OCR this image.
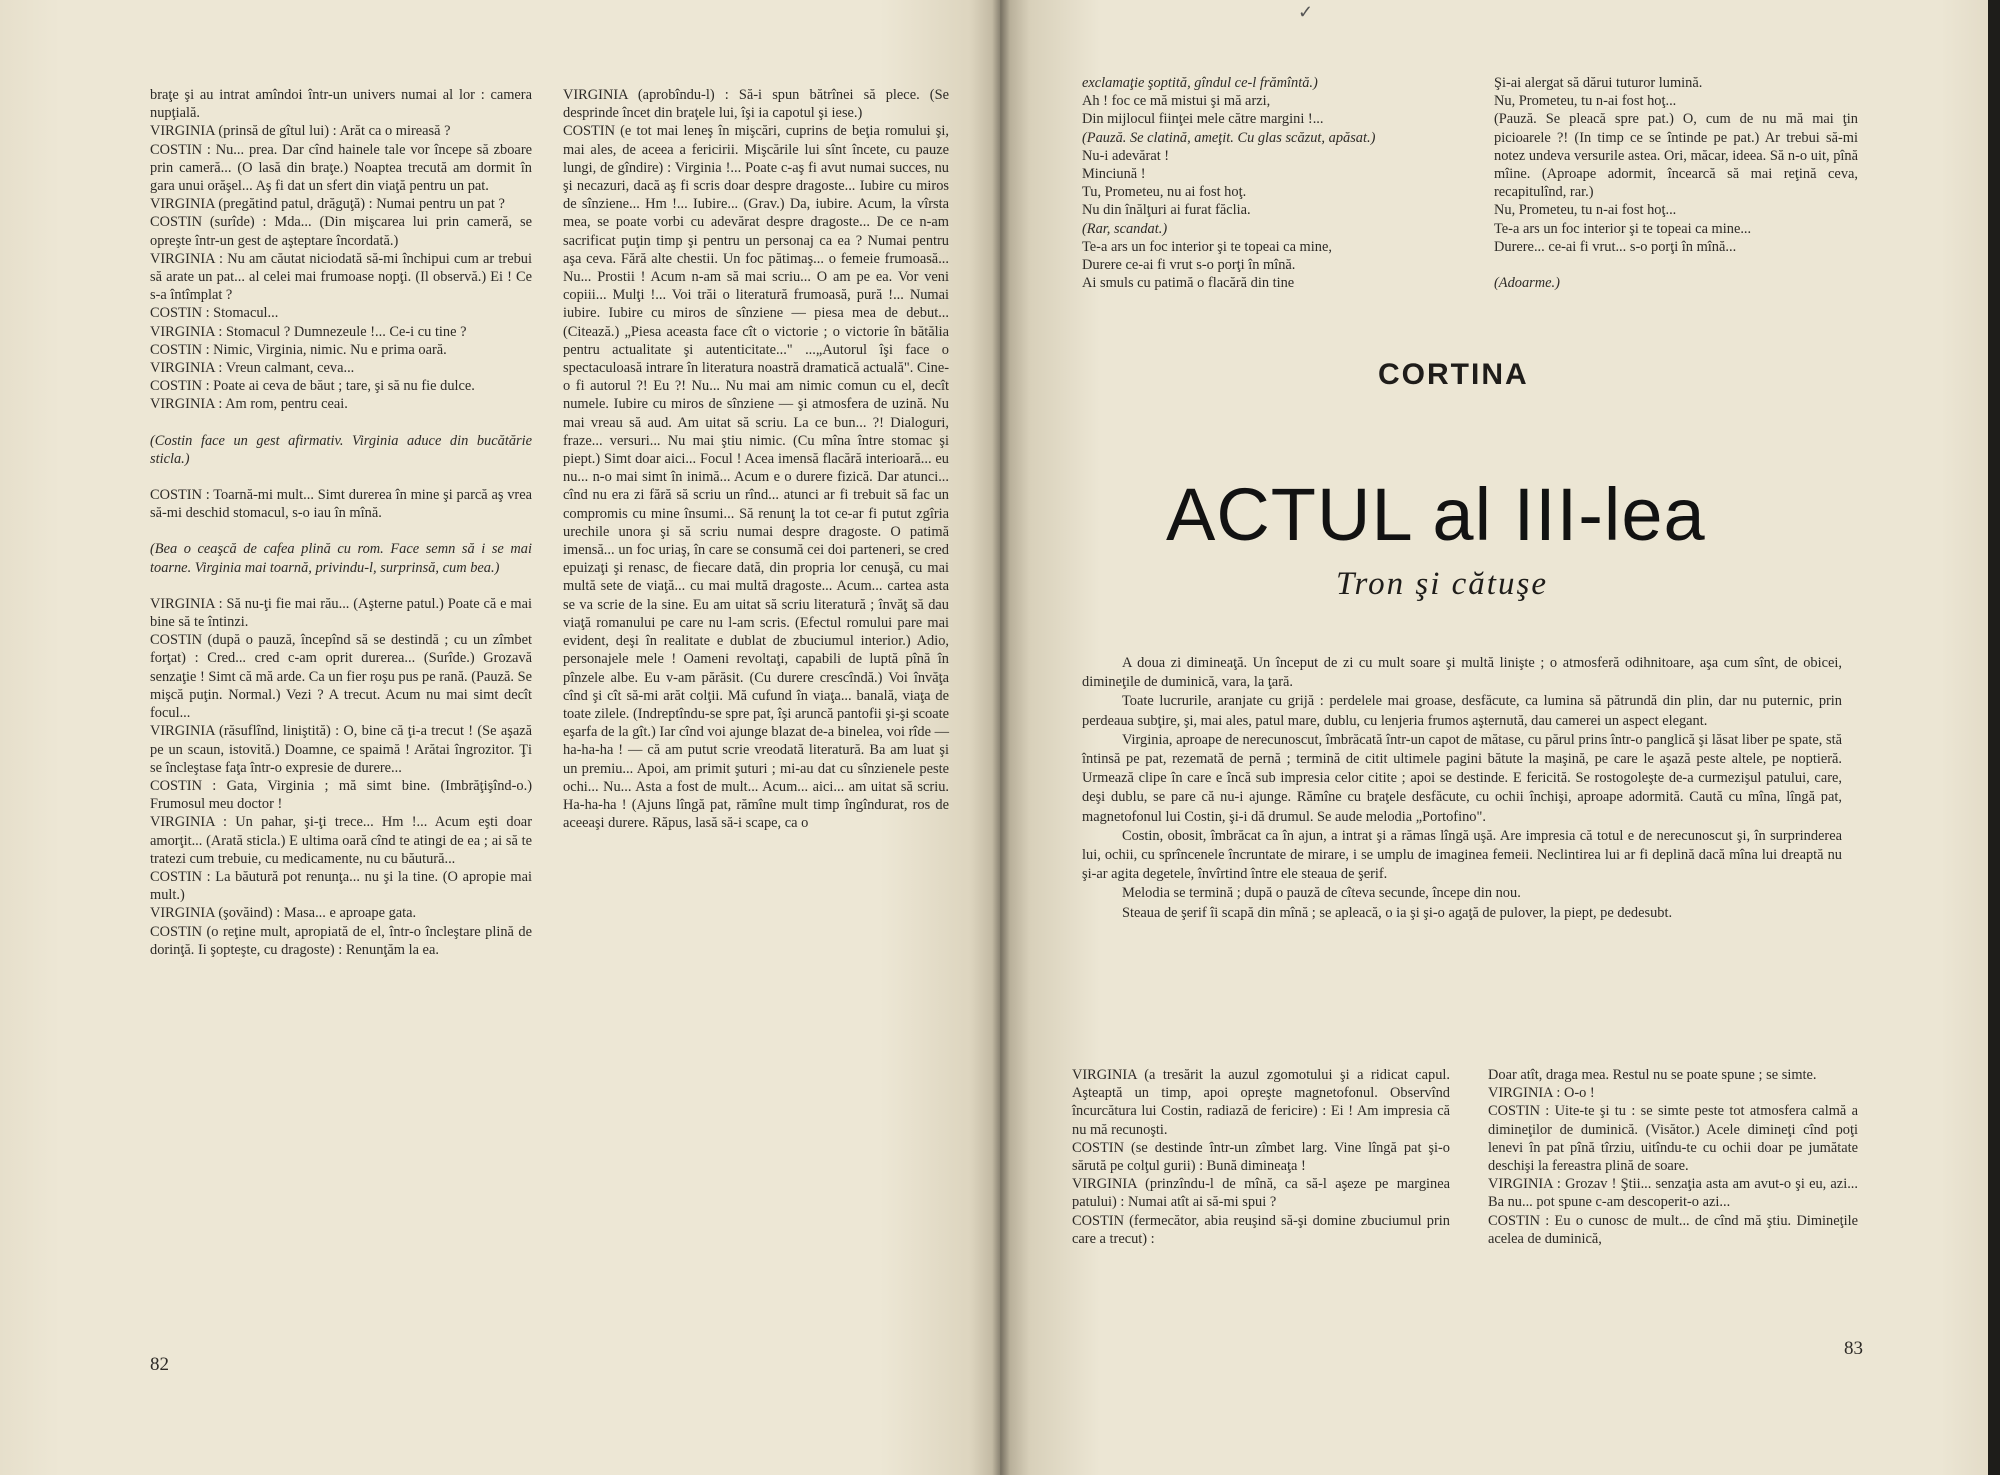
braţe şi au intrat amîndoi într-un univers numai al lor : camera nupţială.

VIRGINIA (prinsă de gîtul lui) : Arăt ca o mireasă ?

COSTIN : Nu... prea. Dar cînd hainele tale vor începe să zboare prin cameră... (O lasă din braţe.) Noaptea trecută am dormit în gara unui orăşel... Aş fi dat un sfert din viaţă pentru un pat.

VIRGINIA (pregătind patul, drăguţă) : Numai pentru un pat ?

COSTIN (surîde) : Mda... (Din mişcarea lui prin cameră, se opreşte într-un gest de aşteptare încordată.)

VIRGINIA : Nu am căutat niciodată să-mi închipui cum ar trebui să arate un pat... al celei mai frumoase nopţi. (Il observă.) Ei ! Ce s-a întîmplat ?

COSTIN : Stomacul...

VIRGINIA : Stomacul ? Dumnezeule !... Ce-i cu tine ?

COSTIN : Nimic, Virginia, nimic. Nu e prima oară.

VIRGINIA : Vreun calmant, ceva...

COSTIN : Poate ai ceva de băut ; tare, şi să nu fie dulce.

VIRGINIA : Am rom, pentru ceai.

(Costin face un gest afirmativ. Virginia aduce din bucătărie sticla.)

COSTIN : Toarnă-mi mult... Simt durerea în mine şi parcă aş vrea să-mi deschid stomacul, s-o iau în mînă.

(Bea o ceaşcă de cafea plină cu rom. Face semn să i se mai toarne. Virginia mai toarnă, privindu-l, surprinsă, cum bea.)

VIRGINIA : Să nu-ţi fie mai rău... (Aşterne patul.) Poate că e mai bine să te întinzi.

COSTIN (după o pauză, începînd să se destindă ; cu un zîmbet forţat) : Cred... cred c-am oprit durerea... (Surîde.) Grozavă senzaţie ! Simt că mă arde. Ca un fier roşu pus pe rană. (Pauză. Se mişcă puţin. Normal.) Vezi ? A trecut. Acum nu mai simt decît focul...

VIRGINIA (răsuflînd, liniştită) : O, bine că ţi-a trecut ! (Se aşază pe un scaun, istovită.) Doamne, ce spaimă ! Arătai îngrozitor. Ţi se încleştase faţa într-o expresie de durere...

COSTIN : Gata, Virginia ; mă simt bine. (Imbrăţişînd-o.) Frumosul meu doctor !

VIRGINIA : Un pahar, şi-ţi trece... Hm !... Acum eşti doar amorţit... (Arată sticla.) E ultima oară cînd te atingi de ea ; ai să te tratezi cum trebuie, cu medicamente, nu cu băutură...

COSTIN : La băutură pot renunţa... nu şi la tine. (O apropie mai mult.)

VIRGINIA (şovăind) : Masa... e aproape gata.

COSTIN (o reţine mult, apropiată de el, într-o încleştare plină de dorinţă. Ii şopteşte, cu dragoste) : Renunţăm la ea.

VIRGINIA (aprobîndu-l) : Să-i spun bătrînei să plece. (Se desprinde încet din braţele lui, îşi ia capotul şi iese.)

COSTIN (e tot mai leneş în mişcări, cuprins de beţia romului şi, mai ales, de aceea a fericirii. Mişcările lui sînt încete, cu pauze lungi, de gîndire) : Virginia !... Poate c-aş fi avut numai succes, nu şi necazuri, dacă aş fi scris doar despre dragoste... Iubire cu miros de sînziene... Hm !... Iubire... (Grav.) Da, iubire. Acum, la vîrsta mea, se poate vorbi cu adevărat despre dragoste... De ce n-am sacrificat puţin timp şi pentru un personaj ca ea ? Numai pentru aşa ceva. Fără alte chestii. Un foc pătimaş... o femeie frumoasă... Nu... Prostii ! Acum n-am să mai scriu... O am pe ea. Vor veni copiii... Mulţi !... Voi trăi o literatură frumoasă, pură !... Numai iubire. Iubire cu miros de sînziene — piesa mea de debut... (Citează.) „Piesa aceasta face cît o victorie ; o victorie în bătălia pentru actualitate şi autenticitate..." ...„Autorul îşi face o spectaculoasă intrare în literatura noastră dramatică actuală". Cine-o fi autorul ?! Eu ?! Nu... Nu mai am nimic comun cu el, decît numele. Iubire cu miros de sînziene — şi atmosfera de uzină. Nu mai vreau să aud. Am uitat să scriu. La ce bun... ?! Dialoguri, fraze... versuri... Nu mai ştiu nimic. (Cu mîna între stomac şi piept.) Simt doar aici... Focul ! Acea imensă flacără interioară... eu nu... n-o mai simt în inimă... Acum e o durere fizică. Dar atunci... cînd nu era zi fără să scriu un rînd... atunci ar fi trebuit să fac un compromis cu mine însumi... Să renunţ la tot ce-ar fi putut zgîria urechile unora şi să scriu numai despre dragoste. O patimă imensă... un foc uriaş, în care se consumă cei doi parteneri, se cred epuizaţi şi renasc, de fiecare dată, din propria lor cenuşă, cu mai multă sete de viaţă... cu mai multă dragoste... Acum... cartea asta se va scrie de la sine. Eu am uitat să scriu literatură ; învăţ să dau viaţă romanului pe care nu l-am scris. (Efectul romului pare mai evident, deşi în realitate e dublat de zbuciumul interior.) Adio, personajele mele ! Oameni revoltaţi, capabili de luptă pînă în pînzele albe. Eu v-am părăsit. (Cu durere crescîndă.) Voi învăţa cînd şi cît să-mi arăt colţii. Mă cufund în viaţa... banală, viaţa de toate zilele. (Indreptîndu-se spre pat, îşi aruncă pantofii şi-şi scoate eşarfa de la gît.) Iar cînd voi ajunge blazat de-a binelea, voi rîde — ha-ha-ha ! — că am putut scrie vreodată literatură. Ba am luat şi un premiu... Apoi, am primit şuturi ; mi-au dat cu sînzienele peste ochi... Nu... Asta a fost de mult... Acum... aici... am uitat să scriu. Ha-ha-ha ! (Ajuns lîngă pat, rămîne mult timp îngîndurat, ros de aceeaşi durere. Răpus, lasă să-i scape, ca o

82
✓

exclamaţie şoptită, gîndul ce-l frămîntă.)

Ah ! foc ce mă mistui şi mă arzi,

Din mijlocul fiinţei mele către margini !...

(Pauză. Se clatină, ameţit. Cu glas scăzut, apăsat.)

Nu-i adevărat !

Minciună !

Tu, Prometeu, nu ai fost hoţ.

Nu din înălţuri ai furat făclia.

(Rar, scandat.)

Te-a ars un foc interior şi te topeai ca mine,

Durere ce-ai fi vrut s-o porţi în mînă.

Ai smuls cu patimă o flacără din tine

Şi-ai alergat să dărui tuturor lumină.

Nu, Prometeu, tu n-ai fost hoţ...

(Pauză. Se pleacă spre pat.) O, cum de nu mă mai ţin picioarele ?! (In timp ce se întinde pe pat.) Ar trebui să-mi notez undeva versurile astea. Ori, măcar, ideea. Să n-o uit, pînă mîine. (Aproape adormit, încearcă să mai reţină ceva, recapitulînd, rar.)

Nu, Prometeu, tu n-ai fost hoţ...

Te-a ars un foc interior şi te topeai ca mine...

Durere... ce-ai fi vrut... s-o porţi în mînă...

(Adoarme.)

CORTINA
ACTUL al III-lea
Tron şi cătuşe

A doua zi dimineaţă. Un început de zi cu mult soare şi multă linişte ; o atmosferă odihnitoare, aşa cum sînt, de obicei, dimineţile de duminică, vara, la ţară.

Toate lucrurile, aranjate cu grijă : perdelele mai groase, desfăcute, ca lumina să pătrundă din plin, dar nu puternic, prin perdeaua subţire, şi, mai ales, patul mare, dublu, cu lenjeria frumos aşternută, dau camerei un aspect elegant.

Virginia, aproape de nerecunoscut, îmbrăcată într-un capot de mătase, cu părul prins într-o panglică şi lăsat liber pe spate, stă întinsă pe pat, rezemată de pernă ; termină de citit ultimele pagini bătute la maşină, pe care le aşază peste altele, pe noptieră. Urmează clipe în care e încă sub impresia celor citite ; apoi se destinde. E fericită. Se rostogoleşte de-a curmezişul patului, care, deşi dublu, se pare că nu-i ajunge. Rămîne cu braţele desfăcute, cu ochii închişi, aproape adormită. Caută cu mîna, lîngă pat, magnetofonul lui Costin, şi-i dă drumul. Se aude melodia „Portofino".

Costin, obosit, îmbrăcat ca în ajun, a intrat şi a rămas lîngă uşă. Are impresia că totul e de nerecunoscut şi, în surprinderea lui, ochii, cu sprîncenele încruntate de mirare, i se umplu de imaginea femeii. Neclintirea lui ar fi deplină dacă mîna lui dreaptă nu şi-ar agita degetele, învîrtind între ele steaua de şerif.

Melodia se termină ; după o pauză de cîteva secunde, începe din nou.

Steaua de şerif îi scapă din mînă ; se apleacă, o ia şi şi-o agaţă de pulover, la piept, pe dedesubt.

VIRGINIA (a tresărit la auzul zgomotului şi a ridicat capul. Aşteaptă un timp, apoi opreşte magnetofonul. Observînd încurcătura lui Costin, radiază de fericire) : Ei ! Am impresia că nu mă recunoşti.

COSTIN (se destinde într-un zîmbet larg. Vine lîngă pat şi-o sărută pe colţul gurii) : Bună dimineaţa !

VIRGINIA (prinzîndu-l de mînă, ca să-l aşeze pe marginea patului) : Numai atît ai să-mi spui ?

COSTIN (fermecător, abia reuşind să-şi domine zbuciumul prin care a trecut) :

Doar atît, draga mea. Restul nu se poate spune ; se simte.

VIRGINIA : O-o !

COSTIN : Uite-te şi tu : se simte peste tot atmosfera calmă a dimineţilor de duminică. (Visător.) Acele dimineţi cînd poţi lenevi în pat pînă tîrziu, uitîndu-te cu ochii doar pe jumătate deschişi la fereastra plină de soare.

VIRGINIA : Grozav ! Ştii... senzaţia asta am avut-o şi eu, azi... Ba nu... pot spune c-am descoperit-o azi...

COSTIN : Eu o cunosc de mult... de cînd mă ştiu. Dimineţile acelea de duminică,

83
